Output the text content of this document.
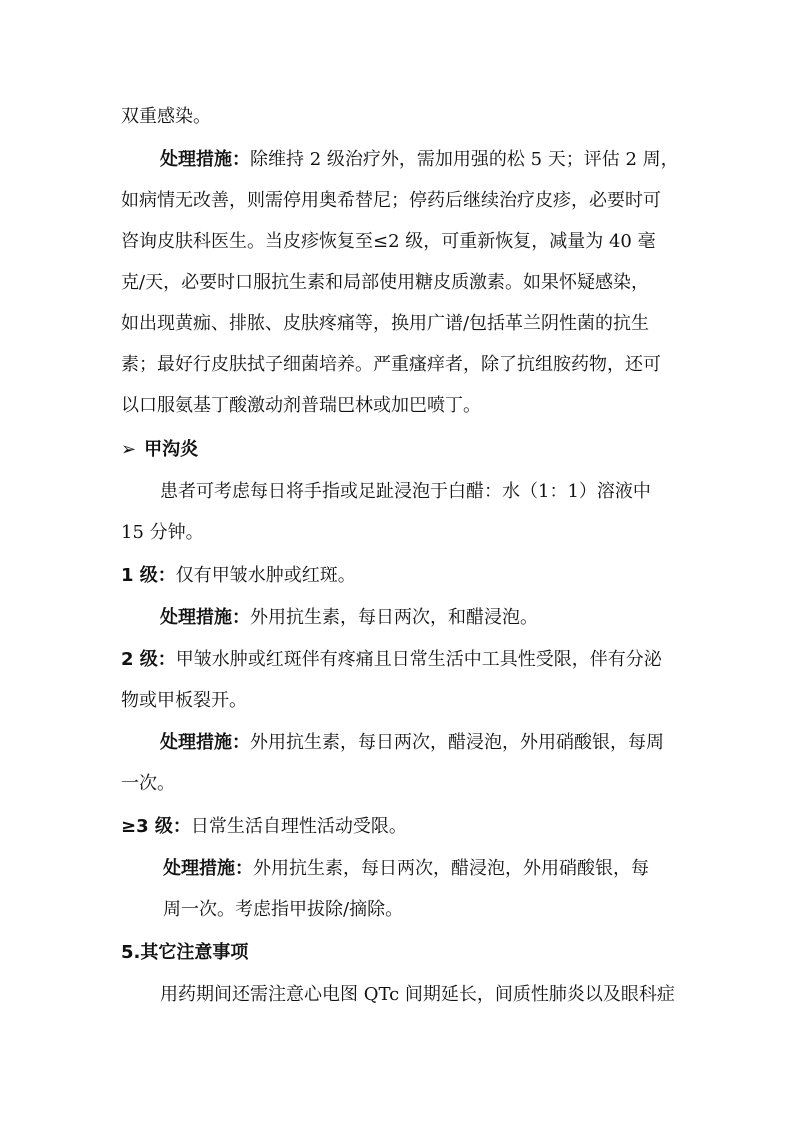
双重感染。
处理措施：除维持 2 级治疗外，需加用强的松 5 天；评估 2 周，
如病情无改善，则需停用奥希替尼；停药后继续治疗皮疹，必要时可
咨询皮肤科医生。当皮疹恢复至≤2 级，可重新恢复，减量为 40 毫
克/天，必要时口服抗生素和局部使用糖皮质激素。如果怀疑感染，
如出现黄痂、排脓、皮肤疼痛等，换用广谱/包括革兰阴性菌的抗生
素；最好行皮肤拭子细菌培养。严重瘙痒者，除了抗组胺药物，还可
以口服氨基丁酸激动剂普瑞巴林或加巴喷丁。
➢ 甲沟炎
患者可考虑每日将手指或足趾浸泡于白醋：水（1：1）溶液中
15 分钟。
1 级：仅有甲皱水肿或红斑。
处理措施：外用抗生素，每日两次，和醋浸泡。
2 级：甲皱水肿或红斑伴有疼痛且日常生活中工具性受限，伴有分泌
物或甲板裂开。
处理措施：外用抗生素，每日两次，醋浸泡，外用硝酸银，每周
一次。
≥3 级：日常生活自理性活动受限。
处理措施：外用抗生素，每日两次，醋浸泡，外用硝酸银，每
周一次。考虑指甲拔除/摘除。
5.其它注意事项
用药期间还需注意心电图 QTc 间期延长，间质性肺炎以及眼科症
